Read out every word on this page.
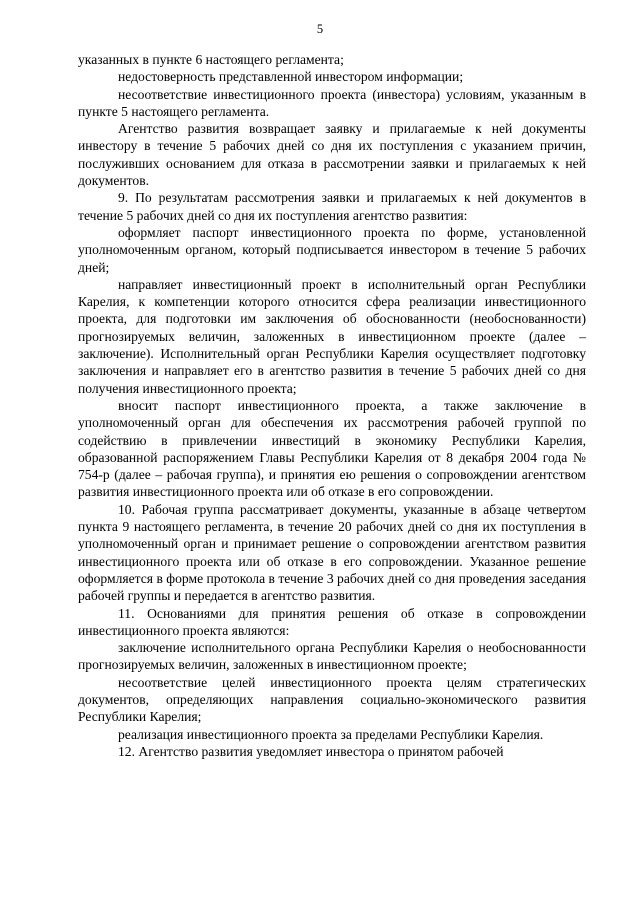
5

указанных в пункте 6 настоящего регламента;

недостоверность представленной инвестором информации;

несоответствие инвестиционного проекта (инвестора) условиям, указанным в пункте 5 настоящего регламента.

Агентство развития возвращает заявку и прилагаемые к ней документы инвестору в течение 5 рабочих дней со дня их поступления с указанием причин, послуживших основанием для отказа в рассмотрении заявки и прилагаемых к ней документов.

9. По результатам рассмотрения заявки и прилагаемых к ней документов в течение 5 рабочих дней со дня их поступления агентство развития:

оформляет паспорт инвестиционного проекта по форме, установленной уполномоченным органом, который подписывается инвестором в течение 5 рабочих дней;

направляет инвестиционный проект в исполнительный орган Республики Карелия, к компетенции которого относится сфера реализации инвестиционного проекта, для подготовки им заключения об обоснованности (необоснованности) прогнозируемых величин, заложенных в инвестиционном проекте (далее – заключение). Исполнительный орган Республики Карелия осуществляет подготовку заключения и направляет его в агентство развития в течение 5 рабочих дней со дня получения инвестиционного проекта;

вносит паспорт инвестиционного проекта, а также заключение в уполномоченный орган для обеспечения их рассмотрения рабочей группой по содействию в привлечении инвестиций в экономику Республики Карелия, образованной распоряжением Главы Республики Карелия от 8 декабря 2004 года № 754-р (далее – рабочая группа), и принятия ею решения о сопровождении агентством развития инвестиционного проекта или об отказе в его сопровождении.

10. Рабочая группа рассматривает документы, указанные в абзаце четвертом пункта 9 настоящего регламента, в течение 20 рабочих дней со дня их поступления в уполномоченный орган и принимает решение о сопровождении агентством развития инвестиционного проекта или об отказе в его сопровождении. Указанное решение оформляется в форме протокола в течение 3 рабочих дней со дня проведения заседания рабочей группы и передается в агентство развития.

11. Основаниями для принятия решения об отказе в сопровождении инвестиционного проекта являются:

заключение исполнительного органа Республики Карелия о необоснованности прогнозируемых величин, заложенных в инвестиционном проекте;

несоответствие целей инвестиционного проекта целям стратегических документов, определяющих направления социально-экономического развития Республики Карелия;

реализация инвестиционного проекта за пределами Республики Карелия.

12. Агентство развития уведомляет инвестора о принятом рабочей
